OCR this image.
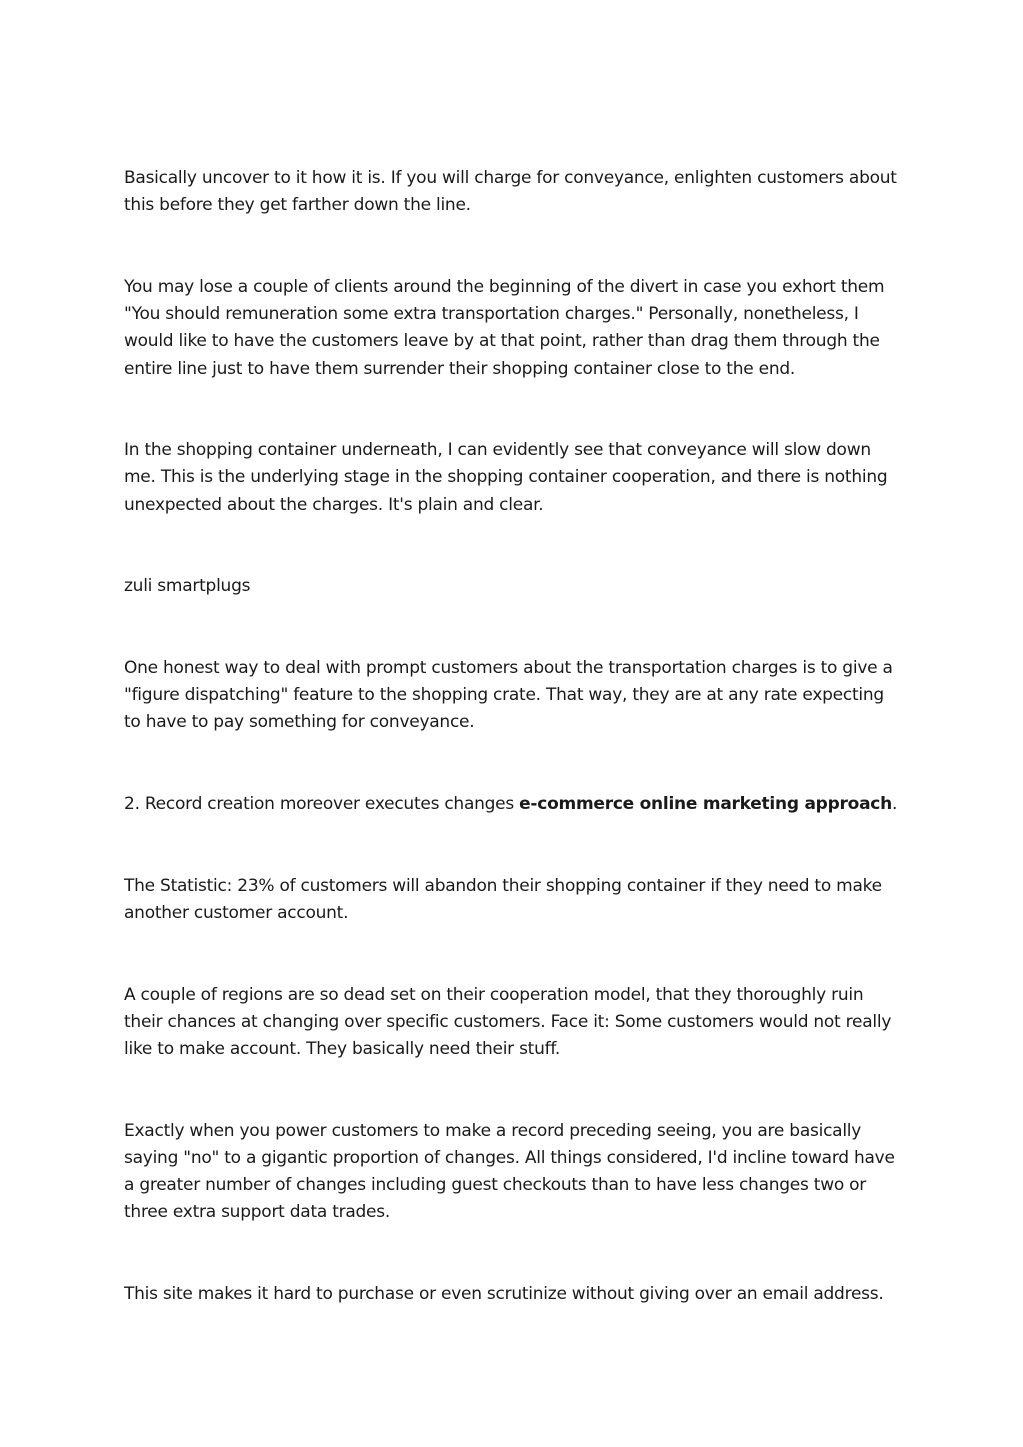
Basically uncover to it how it is. If you will charge for conveyance, enlighten customers about this before they get farther down the line.

You may lose a couple of clients around the beginning of the divert in case you exhort them "You should remuneration some extra transportation charges." Personally, nonetheless, I would like to have the customers leave by at that point, rather than drag them through the entire line just to have them surrender their shopping container close to the end.

In the shopping container underneath, I can evidently see that conveyance will slow down me. This is the underlying stage in the shopping container cooperation, and there is nothing unexpected about the charges. It's plain and clear.

zuli smartplugs

One honest way to deal with prompt customers about the transportation charges is to give a "figure dispatching" feature to the shopping crate. That way, they are at any rate expecting to have to pay something for conveyance.

2. Record creation moreover executes changes e-commerce online marketing approach.

The Statistic: 23% of customers will abandon their shopping container if they need to make another customer account.

A couple of regions are so dead set on their cooperation model, that they thoroughly ruin their chances at changing over specific customers. Face it: Some customers would not really like to make account. They basically need their stuff.

Exactly when you power customers to make a record preceding seeing, you are basically saying "no" to a gigantic proportion of changes. All things considered, I'd incline toward have a greater number of changes including guest checkouts than to have less changes two or three extra support data trades.

This site makes it hard to purchase or even scrutinize without giving over an email address.
